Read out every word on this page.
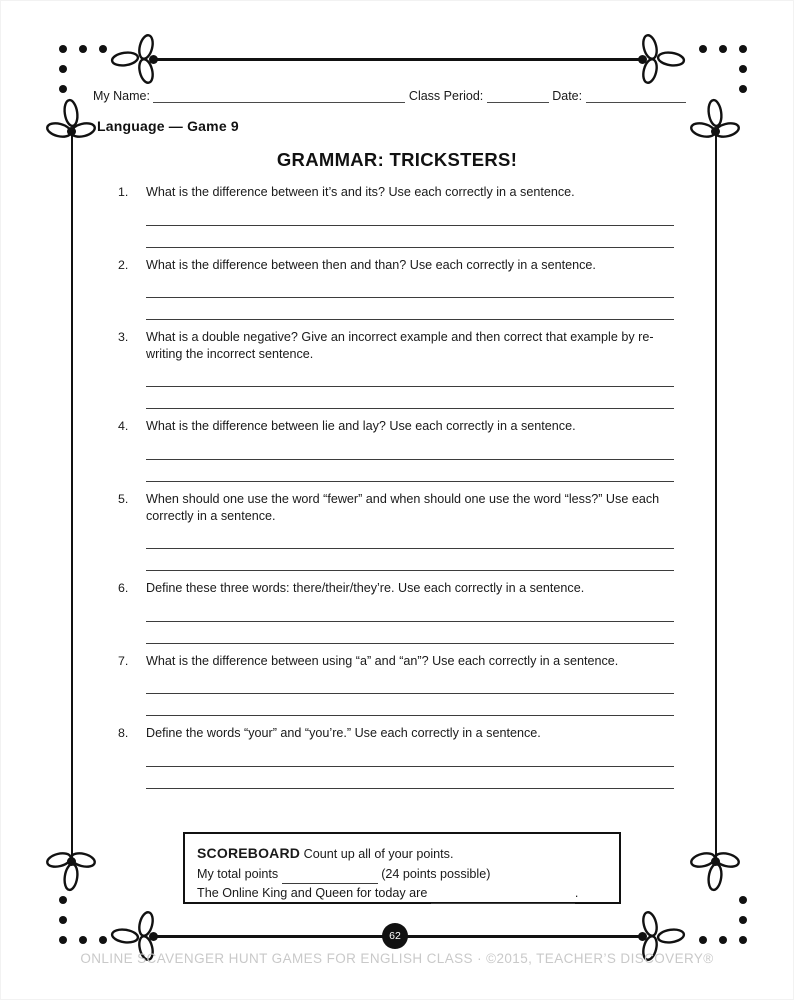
My Name:	Class Period:	Date:
Language — Game 9
GRAMMAR: TRICKSTERS!
1.	What is the difference between it’s and its? Use each correctly in a sentence.
2.	What is the difference between then and than? Use each correctly in a sentence.
3.	What is a double negative? Give an incorrect example and then correct that example by re-writing the incorrect sentence.
4.	What is the difference between lie and lay? Use each correctly in a sentence.
5.	When should one use the word “fewer” and when should one use the word “less?” Use each correctly in a sentence.
6.	Define these three words: there/their/they’re. Use each correctly in a sentence.
7.	What is the difference between using “a” and “an”? Use each correctly in a sentence.
8.	Define the words “your” and “you’re.” Use each correctly in a sentence.
SCOREBOARD Count up all of your points.
My total points	(24 points possible)
The Online King and Queen for today are	.
62
ONLINE SCAVENGER HUNT GAMES FOR ENGLISH CLASS · ©2015, TEACHER’S DISCOVERY®
